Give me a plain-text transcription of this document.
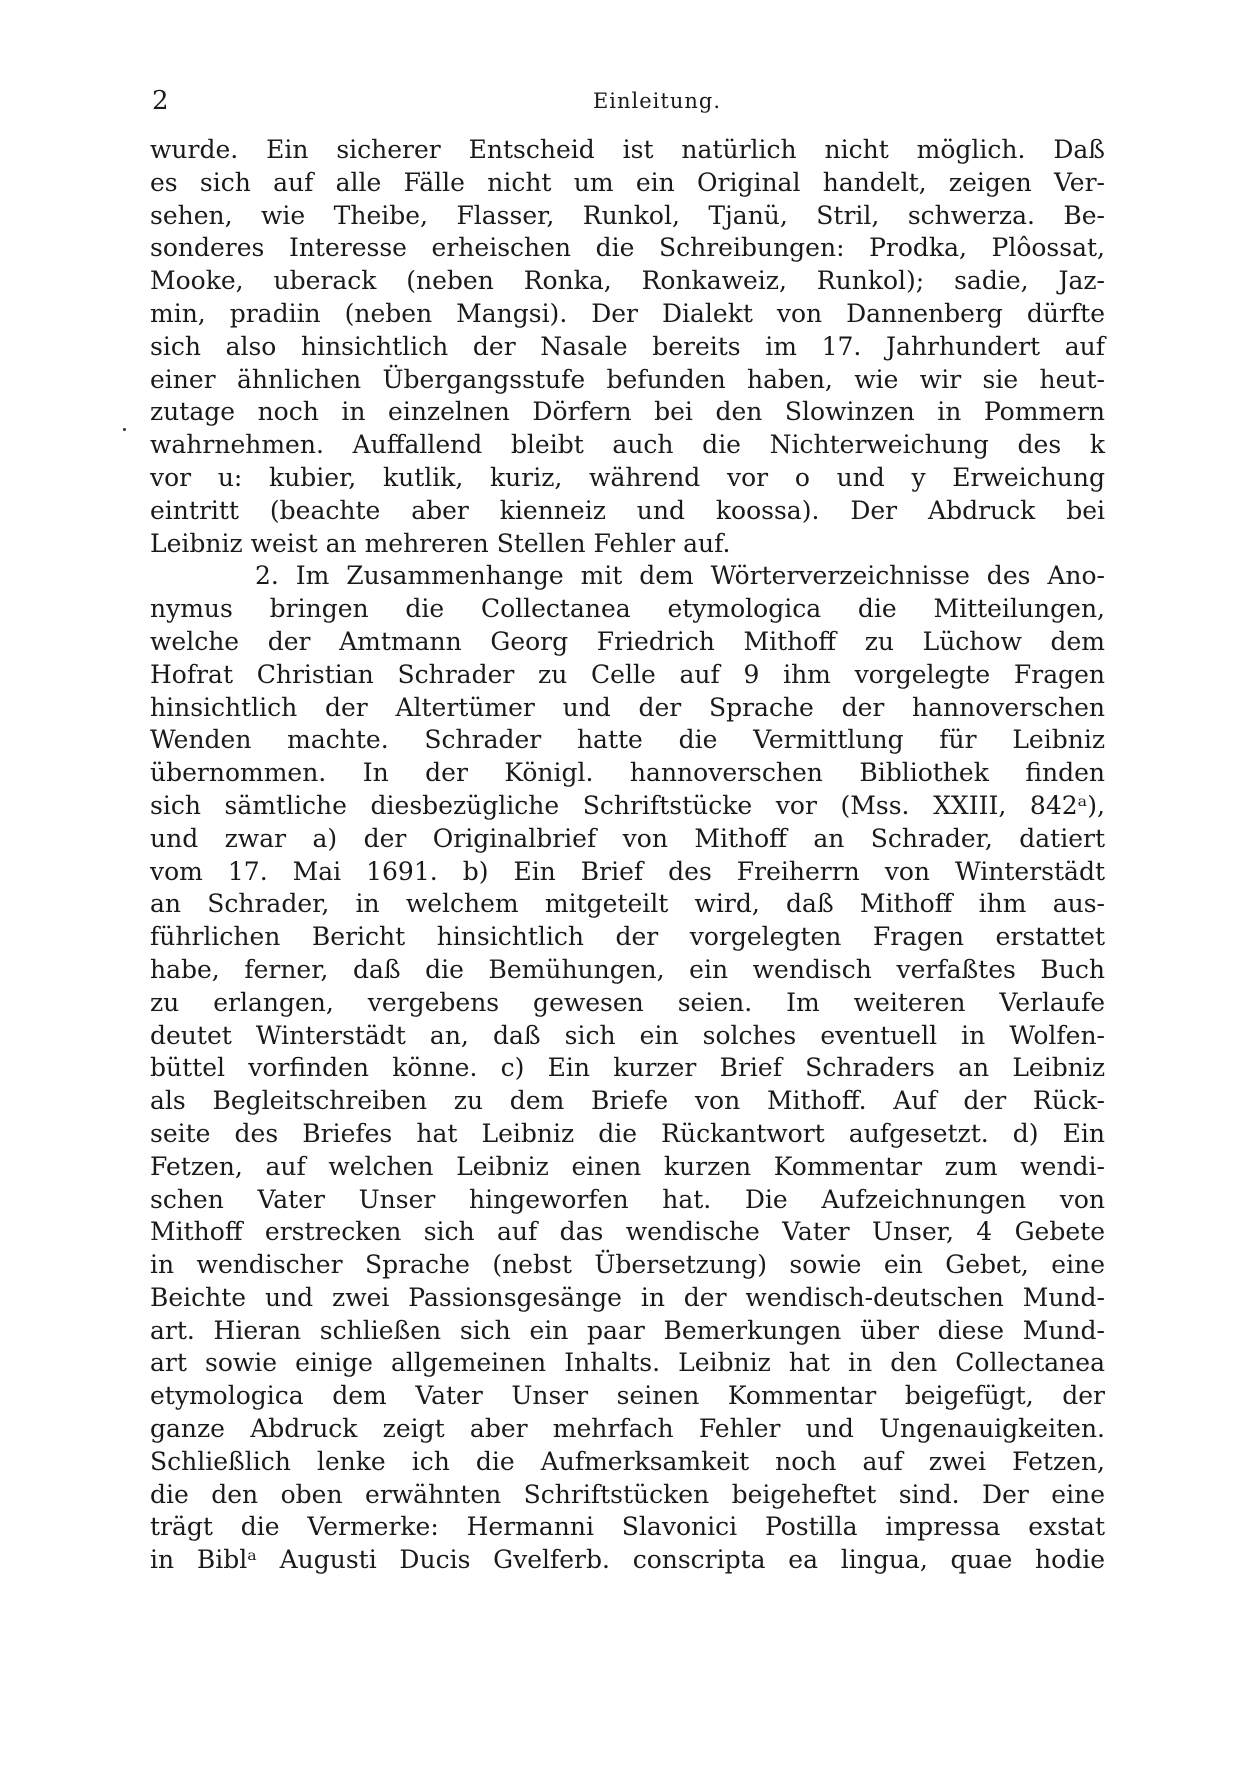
2	Einleitung.
wurde. Ein sicherer Entscheid ist natürlich nicht möglich. Daß
es sich auf alle Fälle nicht um ein Original handelt, zeigen Ver-
sehen, wie Theibe, Flasser, Runkol, Tjanü, Stril, schwerza. Be-
sonderes Interesse erheischen die Schreibungen: Prodka, Plôossat,
Mooke, uberack (neben Ronka, Ronkaweiz, Runkol); sadie, Jaz-
min, pradiin (neben Mangsi). Der Dialekt von Dannenberg dürfte
sich also hinsichtlich der Nasale bereits im 17. Jahrhundert auf
einer ähnlichen Übergangsstufe befunden haben, wie wir sie heut-
zutage noch in einzelnen Dörfern bei den Slowinzen in Pommern
wahrnehmen. Auffallend bleibt auch die Nichterweichung des k
vor u: kubier, kutlik, kuriz, während vor o und y Erweichung
eintritt (beachte aber kienneiz und koossa). Der Abdruck bei
Leibniz weist an mehreren Stellen Fehler auf.
2. Im Zusammenhange mit dem Wörterverzeichnisse des Ano-
nymus bringen die Collectanea etymologica die Mitteilungen,
welche der Amtmann Georg Friedrich Mithoff zu Lüchow dem
Hofrat Christian Schrader zu Celle auf 9 ihm vorgelegte Fragen
hinsichtlich der Altertümer und der Sprache der hannoverschen
Wenden machte. Schrader hatte die Vermittlung für Leibniz
übernommen. In der Königl. hannoverschen Bibliothek finden
sich sämtliche diesbezügliche Schriftstücke vor (Mss. XXIII, 842ᵃ),
und zwar a) der Originalbrief von Mithoff an Schrader, datiert
vom 17. Mai 1691. b) Ein Brief des Freiherrn von Winterstädt
an Schrader, in welchem mitgeteilt wird, daß Mithoff ihm aus-
führlichen Bericht hinsichtlich der vorgelegten Fragen erstattet
habe, ferner, daß die Bemühungen, ein wendisch verfaßtes Buch
zu erlangen, vergebens gewesen seien. Im weiteren Verlaufe
deutet Winterstädt an, daß sich ein solches eventuell in Wolfen-
büttel vorfinden könne. c) Ein kurzer Brief Schraders an Leibniz
als Begleitschreiben zu dem Briefe von Mithoff. Auf der Rück-
seite des Briefes hat Leibniz die Rückantwort aufgesetzt. d) Ein
Fetzen, auf welchen Leibniz einen kurzen Kommentar zum wendi-
schen Vater Unser hingeworfen hat. Die Aufzeichnungen von
Mithoff erstrecken sich auf das wendische Vater Unser, 4 Gebete
in wendischer Sprache (nebst Übersetzung) sowie ein Gebet, eine
Beichte und zwei Passionsgesänge in der wendisch-deutschen Mund-
art. Hieran schließen sich ein paar Bemerkungen über diese Mund-
art sowie einige allgemeinen Inhalts. Leibniz hat in den Collectanea
etymologica dem Vater Unser seinen Kommentar beigefügt, der
ganze Abdruck zeigt aber mehrfach Fehler und Ungenauigkeiten.
Schließlich lenke ich die Aufmerksamkeit noch auf zwei Fetzen,
die den oben erwähnten Schriftstücken beigeheftet sind. Der eine
trägt die Vermerke: Hermanni Slavonici Postilla impressa exstat
in Biblᵃ Augusti Ducis Gvelferb. conscripta ea lingua, quae hodie
